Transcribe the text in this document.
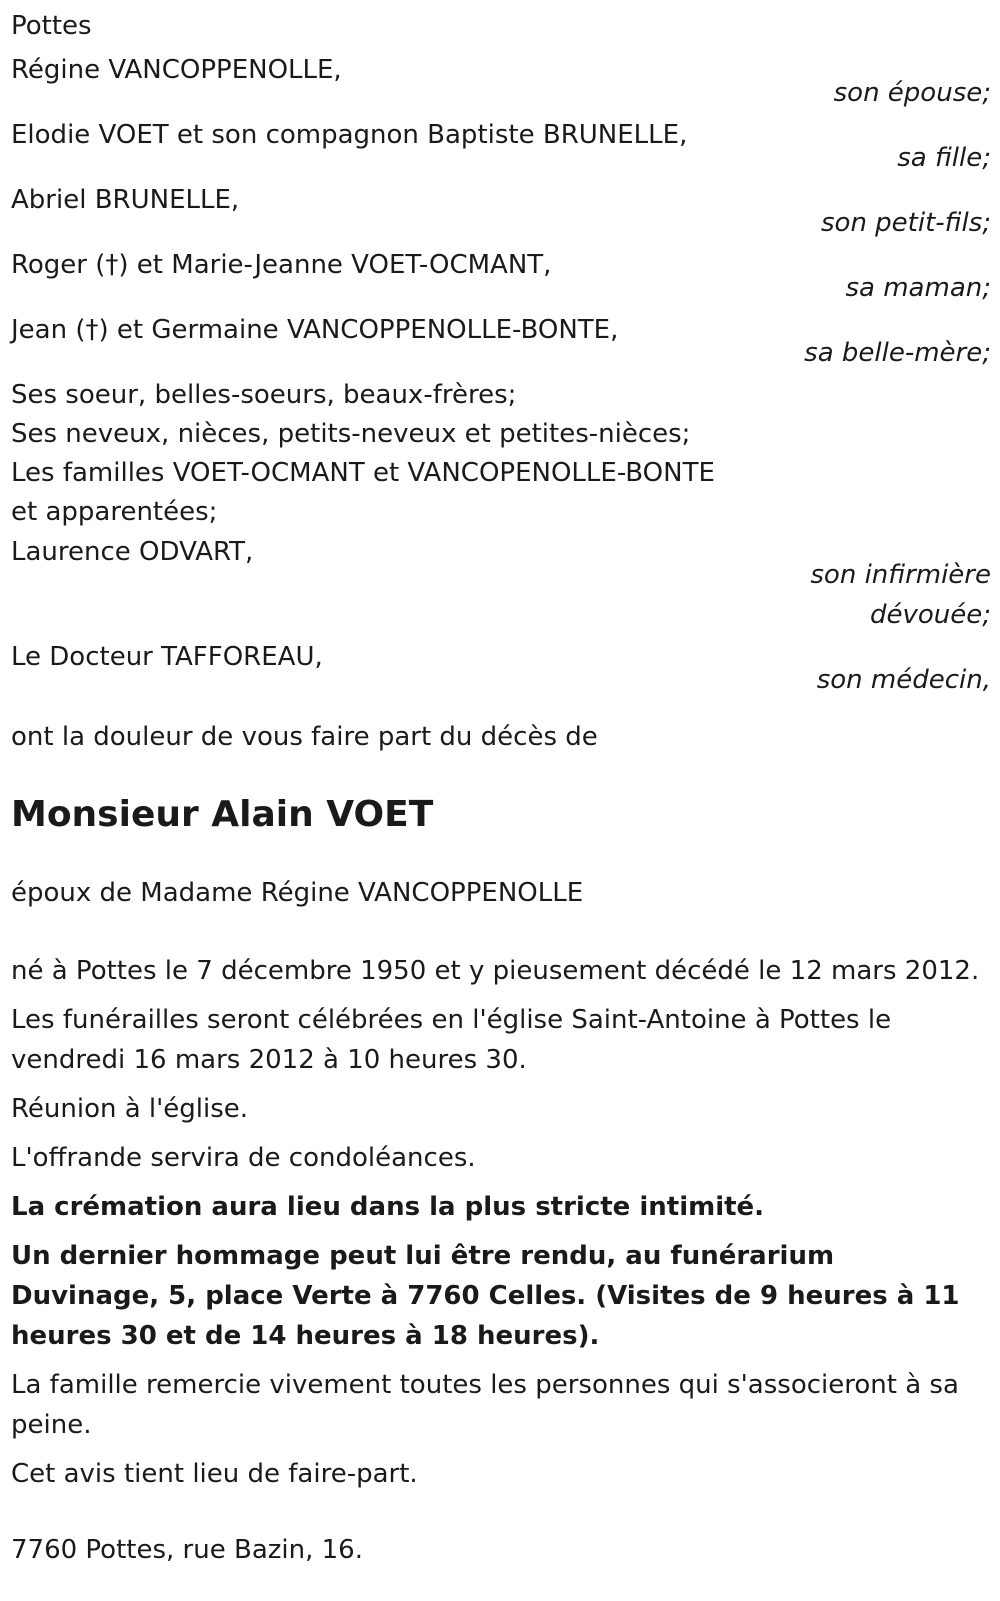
Pottes
Régine VANCOPPENOLLE,
son épouse;
Elodie VOET et son compagnon Baptiste BRUNELLE,
sa fille;
Abriel BRUNELLE,
son petit-fils;
Roger (†) et Marie-Jeanne VOET-OCMANT,
sa maman;
Jean (†) et Germaine VANCOPPENOLLE-BONTE,
sa belle-mère;
Ses soeur, belles-soeurs, beaux-frères;
Ses neveux, nièces, petits-neveux et petites-nièces;
Les familles VOET-OCMANT et VANCOPENOLLE-BONTE
et apparentées;
Laurence ODVART,
son infirmière
dévouée;
Le Docteur TAFFOREAU,
son médecin,

ont la douleur de vous faire part du décès de

Monsieur Alain VOET

époux de Madame Régine VANCOPPENOLLE

né à Pottes le 7 décembre 1950 et y pieusement décédé le 12 mars 2012.

Les funérailles seront célébrées en l'église Saint-Antoine à Pottes le vendredi 16 mars 2012 à 10 heures 30.

Réunion à l'église.

L'offrande servira de condoléances.

La crémation aura lieu dans la plus stricte intimité.

Un dernier hommage peut lui être rendu, au funérarium Duvinage, 5, place Verte à 7760 Celles. (Visites de 9 heures à 11 heures 30 et de 14 heures à 18 heures).

La famille remercie vivement toutes les personnes qui s'associeront à sa peine.

Cet avis tient lieu de faire-part.

7760 Pottes, rue Bazin, 16.
